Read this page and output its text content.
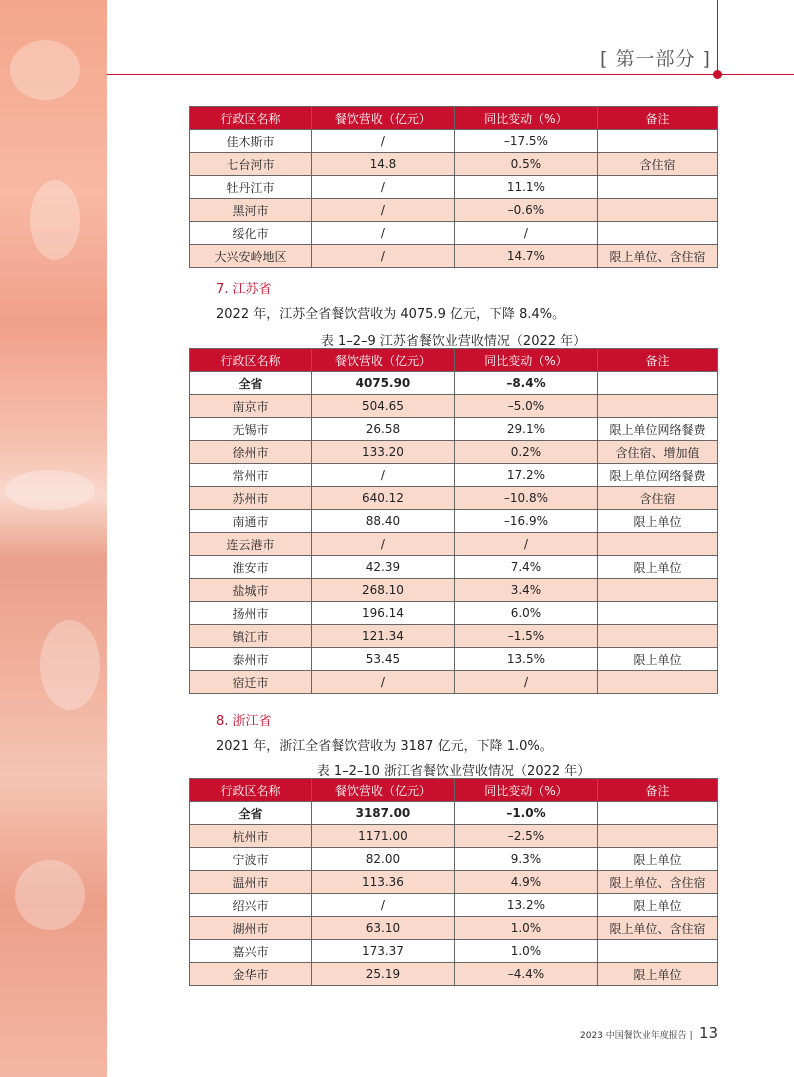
[ 第一部分 ]
行政区名称	餐饮营收（亿元）	同比变动（%）	备注
佳木斯市	/	–17.5%	
七台河市	14.8	0.5%	含住宿
牡丹江市	/	11.1%	
黑河市	/	–0.6%	
绥化市	/	/	
大兴安岭地区	/	14.7%	限上单位、含住宿
7. 江苏省
2022 年，江苏全省餐饮营收为 4075.9 亿元，下降 8.4%。
表 1–2–9 江苏省餐饮业营收情况（2022 年）
行政区名称	餐饮营收（亿元）	同比变动（%）	备注
全省	4075.90	–8.4%	
南京市	504.65	–5.0%	
无锡市	26.58	29.1%	限上单位网络餐费
徐州市	133.20	0.2%	含住宿、增加值
常州市	/	17.2%	限上单位网络餐费
苏州市	640.12	–10.8%	含住宿
南通市	88.40	–16.9%	限上单位
连云港市	/	/	
淮安市	42.39	7.4%	限上单位
盐城市	268.10	3.4%	
扬州市	196.14	6.0%	
镇江市	121.34	–1.5%	
泰州市	53.45	13.5%	限上单位
宿迁市	/	/	
8. 浙江省
2021 年，浙江全省餐饮营收为 3187 亿元，下降 1.0%。
表 1–2–10 浙江省餐饮业营收情况（2022 年）
行政区名称	餐饮营收（亿元）	同比变动（%）	备注
全省	3187.00	–1.0%	
杭州市	1171.00	–2.5%	
宁波市	82.00	9.3%	限上单位
温州市	113.36	4.9%	限上单位、含住宿
绍兴市	/	13.2%	限上单位
湖州市	63.10	1.0%	限上单位、含住宿
嘉兴市	173.37	1.0%	
金华市	25.19	–4.4%	限上单位
2023 中国餐饮业年度报告 | 13
